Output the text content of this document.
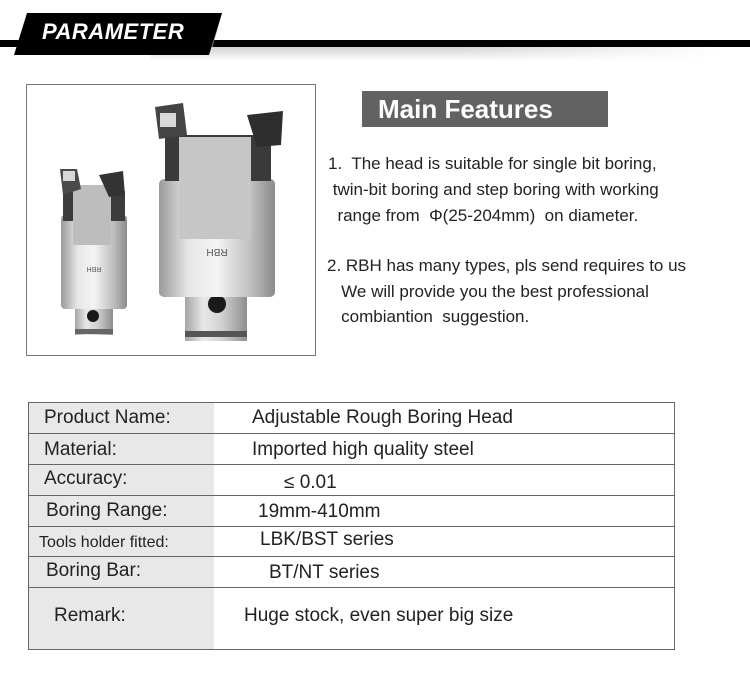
PARAMETER
RBH
RBH
Main Features
1.  The head is suitable for single bit boring,
twin-bit boring and step boring with working
range from  Φ(25-204mm)  on diameter.
2. RBH has many types, pls send requires to us
We will provide you the best professional
combiantion  suggestion.
Product Name:	Adjustable Rough Boring Head
Material:	Imported high quality steel
Accuracy:	≤ 0.01
Boring Range:	19mm-410mm
Tools holder fitted:	LBK/BST series
Boring Bar:	BT/NT series
Remark:	Huge stock, even super big size
